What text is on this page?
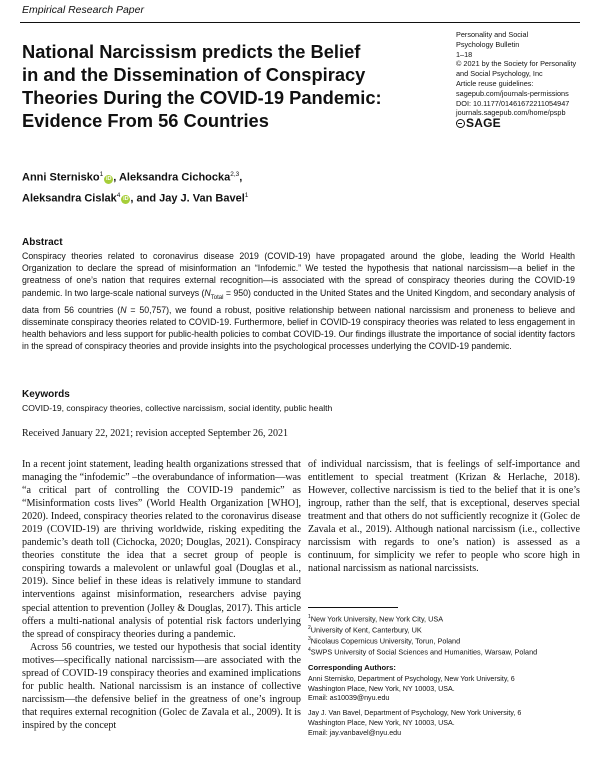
Empirical Research Paper
National Narcissism predicts the Belief
in and the Dissemination of Conspiracy
Theories During the COVID-19 Pandemic:
Evidence From 56 Countries
Personality and Social
Psychology Bulletin
1–18
© 2021 by the Society for Personality
and Social Psychology, Inc
Article reuse guidelines:
sagepub.com/journals-permissions
DOI: 10.1177/01461672211054947
journals.sagepub.com/home/pspb
SAGE
Anni Sternisko$^1$iD , Aleksandra Cichocka$^{2,3}$,
Aleksandra Cislak$^4$iD , and Jay J. Van Bavel$^1$
Abstract
Conspiracy theories related to coronavirus disease 2019 (COVID-19) have propagated around the globe, leading the World Health Organization to declare the spread of misinformation an “Infodemic.” We tested the hypothesis that national narcissism—a belief in the greatness of one’s nation that requires external recognition—is associated with the spread of conspiracy theories during the COVID-19 pandemic. In two large-scale national surveys $(N_{Total} = 950)$ conducted in the United States and the United Kingdom, and secondary analysis of data from 56 countries (N = 50,757), we found a robust, positive relationship between national narcissism and proneness to believe and disseminate conspiracy theories related to COVID-19. Furthermore, belief in COVID-19 conspiracy theories was related to less engagement in health behaviors and less support for public-health policies to combat COVID-19. Our findings illustrate the importance of social identity factors in the spread of conspiracy theories and provide insights into the psychological processes underlying the COVID-19 pandemic.
Keywords
COVID-19, conspiracy theories, collective narcissism, social identity, public health
Received January 22, 2021; revision accepted September 26, 2021

In a recent joint statement, leading health organizations stressed that managing the “infodemic” –the overabundance of information—was “a critical part of controlling the COVID-19 pandemic” as “Misinformation costs lives” (World Health Organization [WHO], 2020). Indeed, conspiracy theories related to the coronavirus disease 2019 (COVID-19) are thriving worldwide, risking expediting the pandemic’s death toll (Cichocka, 2020; Douglas, 2021). Conspiracy theories constitute the idea that a secret group of people is conspiring towards a malevolent or unlawful goal (Douglas et al., 2019). Since belief in these ideas is relatively immune to standard interventions against misinformation, researchers advise paying special attention to prevention (Jolley & Douglas, 2017). This article offers a multi-national analysis of potential risk factors underlying the spread of conspiracy theories during a pandemic.

Across 56 countries, we tested our hypothesis that social identity motives—specifically national narcissism—are associated with the spread of COVID-19 conspiracy theories and examined implications for public health. National narcissism is an instance of collective narcissism—the defensive belief in the greatness of one’s ingroup that requires external recognition (Golec de Zavala et al., 2009). It is inspired by the concept

of individual narcissism, that is feelings of self-importance and entitlement to special treatment (Krizan & Herlache, 2018). However, collective narcissism is tied to the belief that it is one’s ingroup, rather than the self, that is exceptional, deserves special treatment and that others do not sufficiently recognize it (Golec de Zavala et al., 2019). Although national narcissism (i.e., collective narcissism with regards to one’s nation) is assessed as a continuum, for simplicity we refer to people who score high in national narcissism as national narcissists.

$^1$New York University, New York City, USA
$^2$University of Kent, Canterbury, UK
$^3$Nicolaus Copernicus University, Torun, Poland
$^4$SWPS University of Social Sciences and Humanities, Warsaw, Poland
Corresponding Authors:
Anni Sternisko, Department of Psychology, New York University, 6
Washington Place, New York, NY 10003, USA.
Email: as10039@nyu.edu
Jay J. Van Bavel, Department of Psychology, New York University, 6
Washington Place, New York, NY 10003, USA.
Email: jay.vanbavel@nyu.edu
